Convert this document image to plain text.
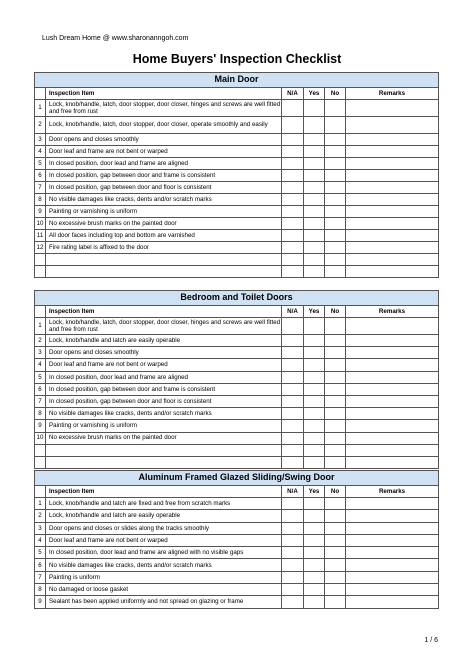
Lush Dream Home @ www.sharonanngoh.com
Home Buyers' Inspection Checklist
Main Door					
	Inspection Item	N/A	Yes	No	Remarks
1	Lock, knob/handle, latch, door stopper, door closer, hinges and screws are well fitted and free from rust				
2	Lock, knob/handle, latch, door stopper, door closer, operate smoothly and easily				
3	Door opens and closes smoothly				
4	Door leaf and frame are not bent or warped				
5	In closed position, door lead and frame are aligned				
6	In closed position, gap between door and frame is consistent				
7	In closed position, gap between door and floor is consistent				
8	No visible damages like cracks, dents and/or scratch marks				
9	Painting or varnishing is uniform				
10	No excessive brush marks on the painted door				
11	All door faces including top and bottom are varnished				
12	Fire rating label is affixed to the door				

Bedroom and Toilet Doors					
	Inspection Item	N/A	Yes	No	Remarks
1	Lock, knob/handle, latch, door stopper, door closer, hinges and screws are well fitted and free from rust				
2	Lock, knob/handle and latch are easily operable				
3	Door opens and closes smoothly				
4	Door leaf and frame are not bent or warped				
5	In closed position, door lead and frame are aligned				
6	In closed position, gap between door and frame is consistent				
7	In closed position, gap between door and floor is consistent				
8	No visible damages like cracks, dents and/or scratch marks				
9	Painting or varnishing is uniform				
10	No excessive brush marks on the painted door				

Aluminum Framed Glazed Sliding/Swing Door					
	Inspection Item	N/A	Yes	No	Remarks
1	Lock, knob/handle and latch are fixed and free from scratch marks				
2	Lock, knob/handle and latch are easily operable				
3	Door opens and closes or slides along the tracks smoothly				
4	Door leaf and frame are not bent or warped				
5	In closed position, door lead and frame are aligned with no visible gaps				
6	No visible damages like cracks, dents and/or scratch marks				
7	Painting is uniform				
8	No damaged or loose gasket				
9	Sealant has been applied uniformly and not spread on glazing or frame				
1 / 6
